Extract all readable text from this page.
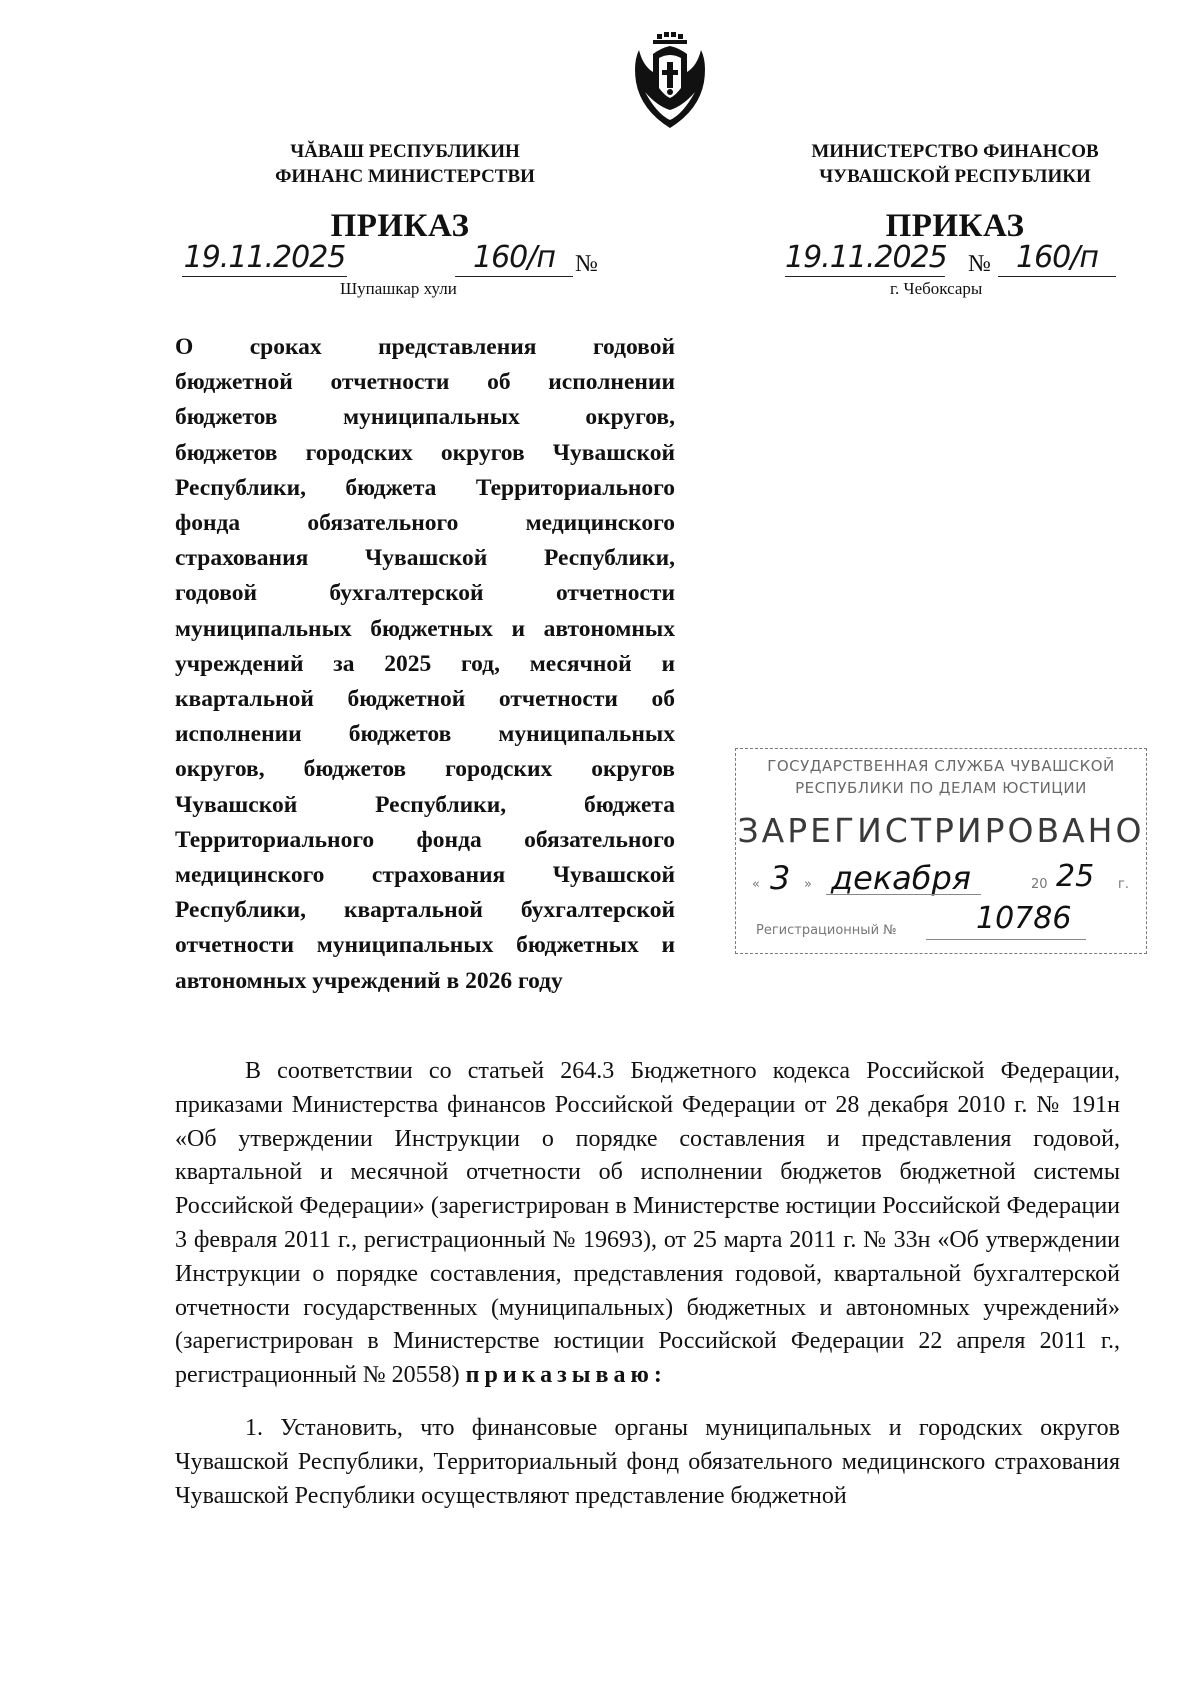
ЧĂВАШ РЕСПУБЛИКИН
ФИНАНС МИНИСТЕРСТВИ
ПРИКАЗ
19.11.2025	160/п №
Шупашкар хули
МИНИСТЕРСТВО ФИНАНСОВ
ЧУВАШСКОЙ РЕСПУБЛИКИ
ПРИКАЗ
19.11.2025 № 160/п
г. Чебоксары
О сроках представления годовой
бюджетной отчетности об исполнении
бюджетов муниципальных округов,
бюджетов городских округов Чувашской
Республики, бюджета Территориального
фонда обязательного медицинского
страхования Чувашской Республики,
годовой бухгалтерской отчетности
муниципальных бюджетных и автономных
учреждений за 2025 год, месячной и
квартальной бюджетной отчетности об
исполнении бюджетов муниципальных
округов, бюджетов городских округов
Чувашской Республики, бюджета
Территориального фонда обязательного
медицинского страхования Чувашской
Республики, квартальной бухгалтерской
отчетности муниципальных бюджетных и
автономных учреждений в 2026 году
ГОСУДАРСТВЕННАЯ СЛУЖБА ЧУВАШСКОЙ
РЕСПУБЛИКИ ПО ДЕЛАМ ЮСТИЦИИ
ЗАРЕГИСТРИРОВАНО
« 3 » декабря	20 25 г.
Регистрационный №	10786

В соответствии со статьей 264.3 Бюджетного кодекса Российской Федерации, приказами Министерства финансов Российской Федерации от 28 декабря 2010 г. № 191н «Об утверждении Инструкции о порядке составления и представления годовой, квартальной и месячной отчетности об исполнении бюджетов бюджетной системы Российской Федерации» (зарегистрирован в Министерстве юстиции Российской Федерации 3 февраля 2011 г., регистрационный № 19693), от 25 марта 2011 г. № 33н «Об утверждении Инструкции о порядке составления, представления годовой, квартальной бухгалтерской отчетности государственных (муниципальных) бюджетных и автономных учреждений» (зарегистрирован в Министерстве юстиции Российской Федерации 22 апреля 2011 г., регистрационный № 20558) приказываю:

1. Установить, что финансовые органы муниципальных и городских округов Чувашской Республики, Территориальный фонд обязательного медицинского страхования Чувашской Республики осуществляют представление бюджетной
